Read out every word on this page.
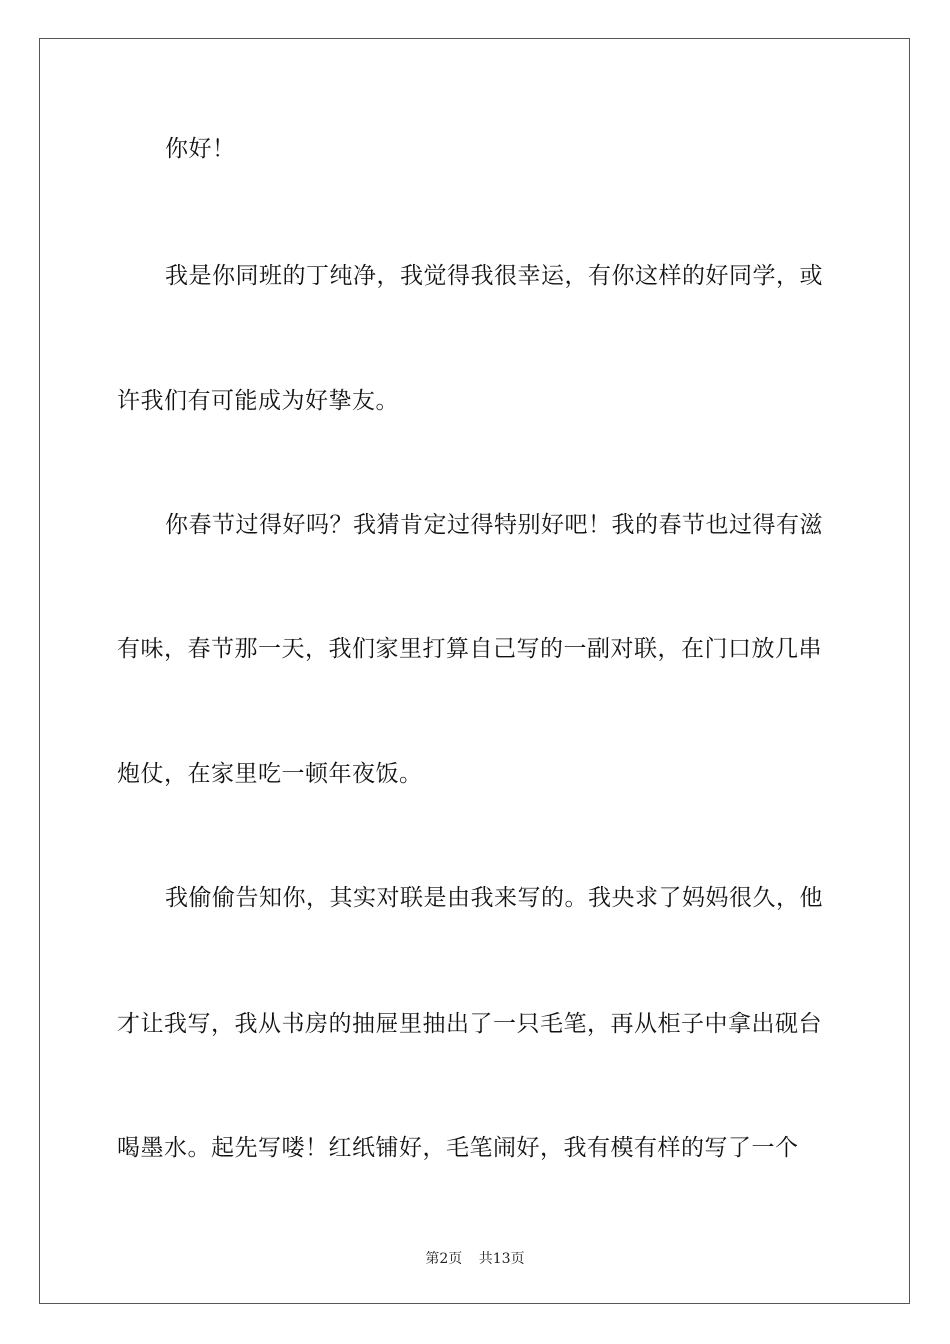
你好！
我是你同班的丁纯净，我觉得我很幸运，有你这样的好同学，或
许我们有可能成为好挚友。
你春节过得好吗？我猜肯定过得特别好吧！我的春节也过得有滋
有味，春节那一天，我们家里打算自己写的一副对联，在门口放几串
炮仗，在家里吃一顿年夜饭。
我偷偷告知你，其实对联是由我来写的。我央求了妈妈很久，他
才让我写，我从书房的抽屉里抽出了一只毛笔，再从柜子中拿出砚台
喝墨水。起先写喽！红纸铺好，毛笔闹好，我有模有样的写了一个
第2页 共13页
